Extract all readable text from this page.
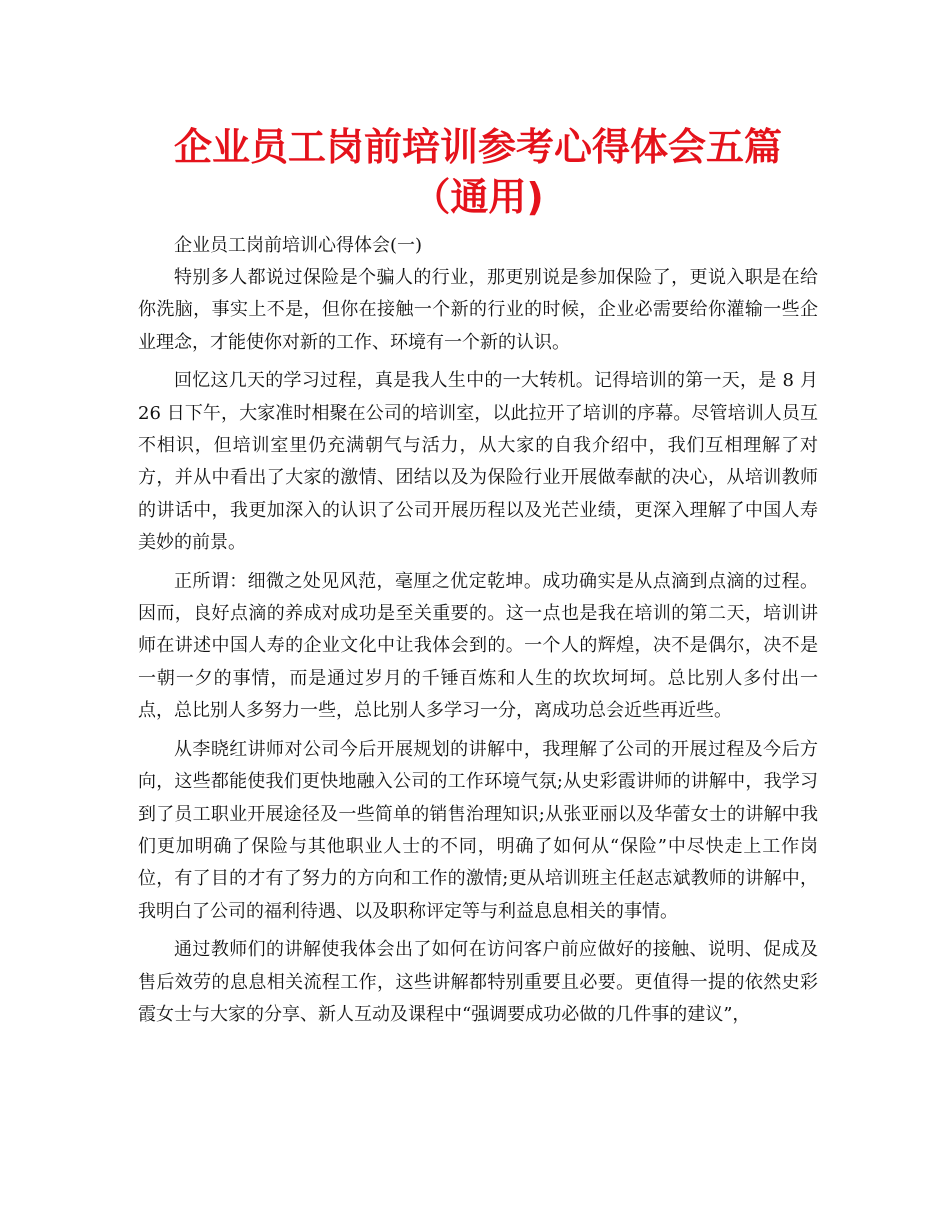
企业员工岗前培训参考心得体会五篇（通用)

企业员工岗前培训心得体会(一)

特别多人都说过保险是个骗人的行业，那更别说是参加保险了，更说入职是在给你洗脑，事实上不是，但你在接触一个新的行业的时候，企业必需要给你灌输一些企业理念，才能使你对新的工作、环境有一个新的认识。

回忆这几天的学习过程，真是我人生中的一大转机。记得培训的第一天，是 8 月 26 日下午，大家准时相聚在公司的培训室，以此拉开了培训的序幕。尽管培训人员互不相识，但培训室里仍充满朝气与活力，从大家的自我介绍中，我们互相理解了对方，并从中看出了大家的激情、团结以及为保险行业开展做奉献的决心，从培训教师的讲话中，我更加深入的认识了公司开展历程以及光芒业绩，更深入理解了中国人寿美妙的前景。

正所谓：细微之处见风范，毫厘之优定乾坤。成功确实是从点滴到点滴的过程。因而，良好点滴的养成对成功是至关重要的。这一点也是我在培训的第二天，培训讲师在讲述中国人寿的企业文化中让我体会到的。一个人的辉煌，决不是偶尔，决不是一朝一夕的事情，而是通过岁月的千锤百炼和人生的坎坎坷坷。总比别人多付出一点，总比别人多努力一些，总比别人多学习一分，离成功总会近些再近些。

从李晓红讲师对公司今后开展规划的讲解中，我理解了公司的开展过程及今后方向，这些都能使我们更快地融入公司的工作环境气氛;从史彩霞讲师的讲解中，我学习到了员工职业开展途径及一些简单的销售治理知识;从张亚丽以及华蕾女士的讲解中我们更加明确了保险与其他职业人士的不同，明确了如何从“保险”中尽快走上工作岗位，有了目的才有了努力的方向和工作的激情;更从培训班主任赵志斌教师的讲解中，我明白了公司的福利待遇、以及职称评定等与利益息息相关的事情。

通过教师们的讲解使我体会出了如何在访问客户前应做好的接触、说明、促成及售后效劳的息息相关流程工作，这些讲解都特别重要且必要。更值得一提的依然史彩霞女士与大家的分享、新人互动及课程中“强调要成功必做的几件事的建议”，
